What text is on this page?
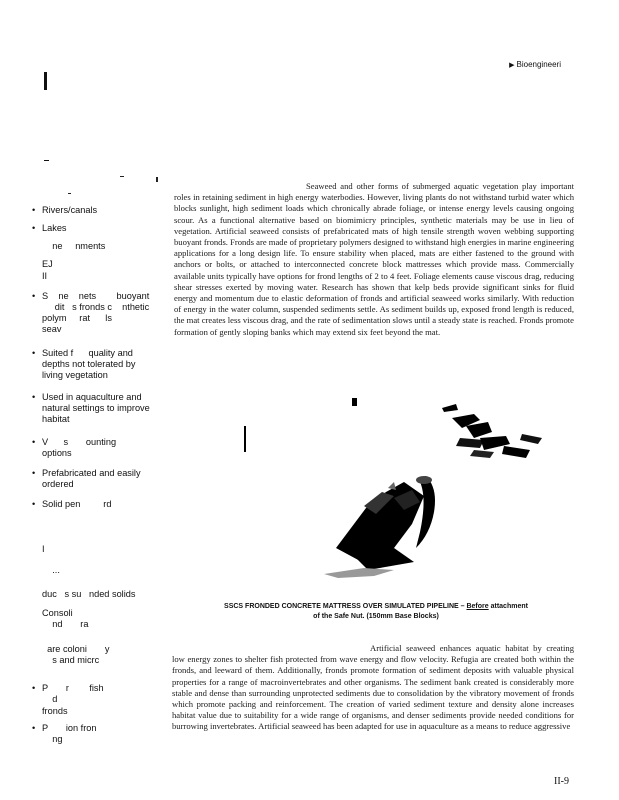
▶ Bioengineeri
• Rivers/canals
• Lakes
ne     nments
EJ
II
• S    ne    nets        buoyant
dit   s fronds c    nthetic
polym     rat      ls
seav
• Suited f      quality and
depths not tolerated by
living vegetation
• Used in aquaculture and
natural settings to improve
habitat
• V      s       ounting
options
• Prefabricated and easily
ordered
• Solid pen         rd
I
...
duc   s su   nded solids
Consoli
nd       ra
are coloni       y
s and micrc
• P       r        fish
d
fronds
• P       ion fron
ng
Seaweed and other forms of submerged aquatic vegetation play important roles in retaining sediment in high energy waterbodies. However, living plants do not withstand turbid water which blocks sunlight, high sediment loads which chronically abrade foliage, or intense energy levels causing ongoing scour. As a functional alternative based on biomimicry principles, synthetic materials may be use in lieu of vegetation. Artificial seaweed consists of prefabricated mats of high tensile strength woven webbing supporting buoyant fronds. Fronds are made of proprietary polymers designed to withstand high energies in marine engineering applications for a long design life. To ensure stability when placed, mats are either fastened to the ground with anchors or bolts, or attached to interconnected concrete block mattresses which provide mass. Commercially available units typically have options for frond lengths of 2 to 4 feet. Foliage elements cause viscous drag, reducing shear stresses exerted by moving water. Research has shown that kelp beds provide significant sinks for fluid energy and momentum due to elastic deformation of fronds and artificial seaweed works similarly. With reduction of energy in the water column, suspended sediments settle. As sediment builds up, exposed frond length is reduced, the mat creates less viscous drag, and the rate of sedimentation slows until a steady state is reached. Fronds promote formation of gently sloping banks which may extend six feet beyond the mat.
SSCS FRONDED CONCRETE MATTRESS OVER SIMULATED PIPELINE – Before attachment
of the Safe Nut. (150mm Base Blocks)
Artificial seaweed enhances aquatic habitat by creating low energy zones to shelter fish protected from wave energy and flow velocity. Refugia are created both within the fronds, and leeward of them. Additionally, fronds promote formation of sediment deposits with valuable physical properties for a range of macroinvertebrates and other organisms. The sediment bank created is considerably more stable and dense than surrounding unprotected sediments due to consolidation by the vibratory movement of fronds which promote packing and reinforcement. The creation of varied sediment texture and density alone increases habitat value due to suitability for a wide range of organisms, and denser sediments provide needed conditions for burrowing invertebrates. Artificial seaweed has been adapted for use in aquaculture as a means to reduce aggressive
II-9
